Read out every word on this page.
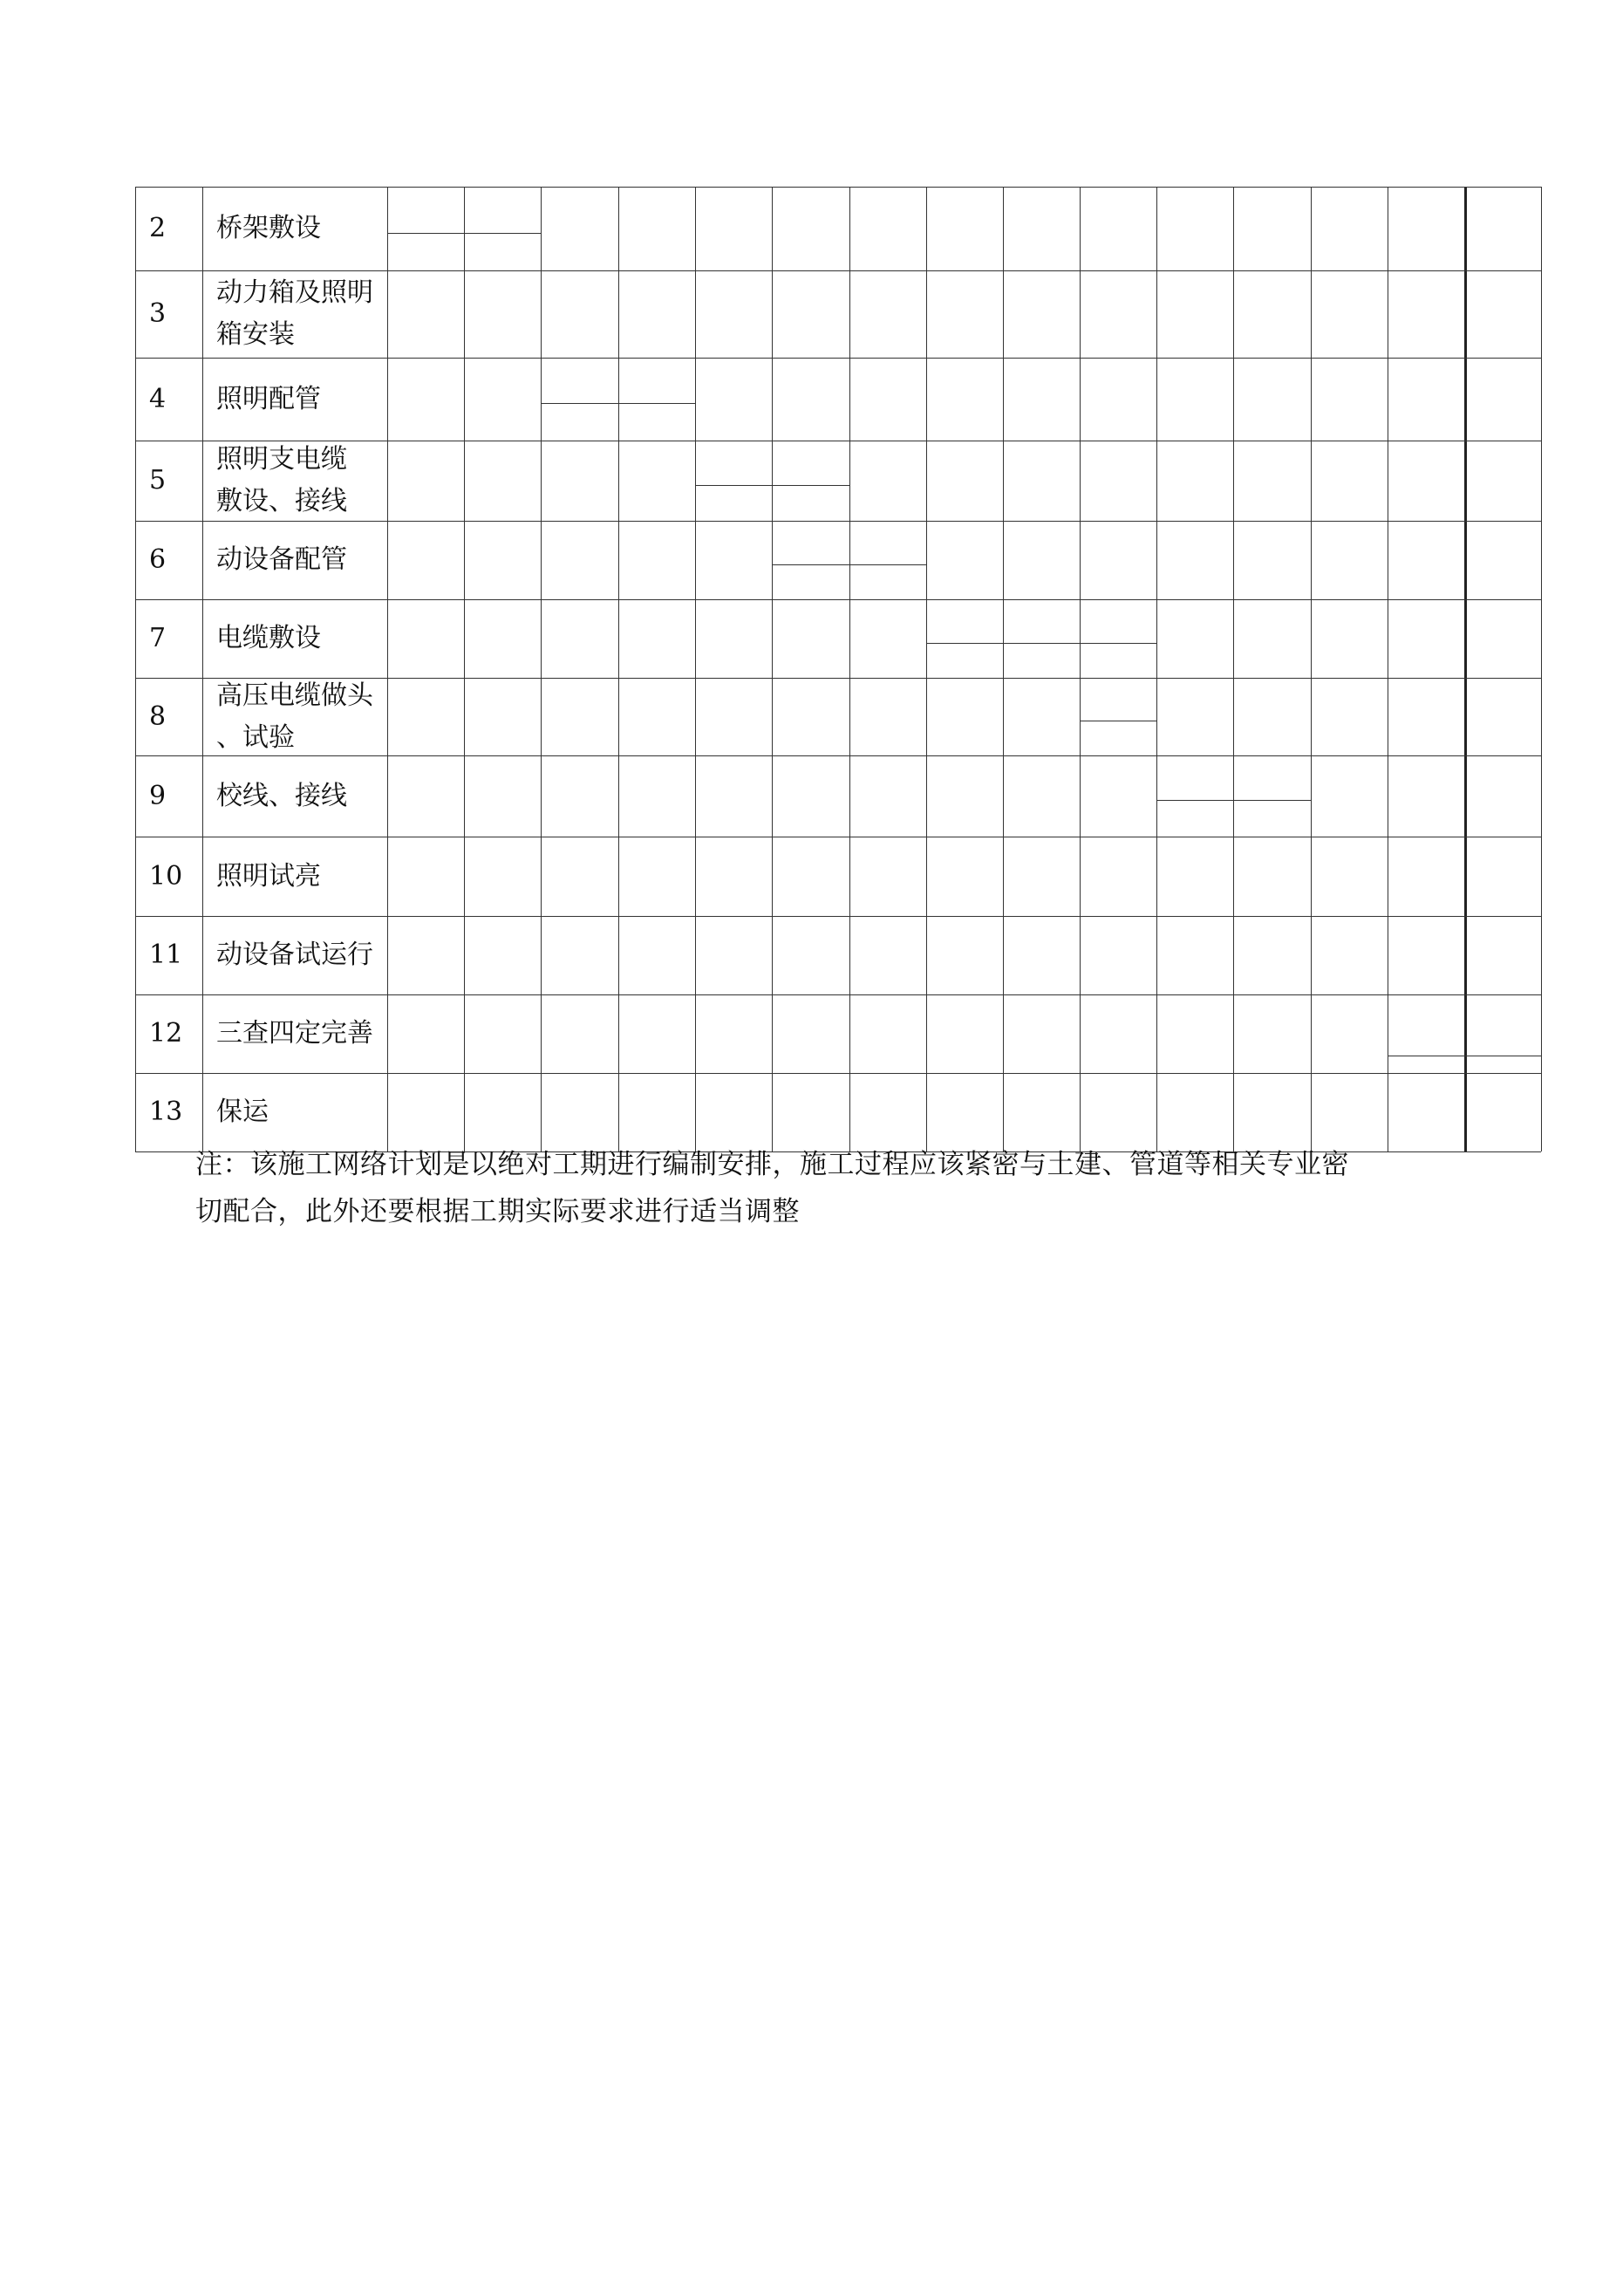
2 桥架敷设
3
动力箱及照明
箱安装
4 照明配管
5
照明支电缆
敷设、接线
6 动设备配管
7 电缆敷设
8
高压电缆做头
、试验
9 校线、接线
10 照明试亮
11 动设备试运行
12 三查四定完善
13 保运
注：该施工网络计划是以绝对工期进行编制安排，施工过程应该紧密与土建、管道等相关专业密
切配合，此外还要根据工期实际要求进行适当调整
